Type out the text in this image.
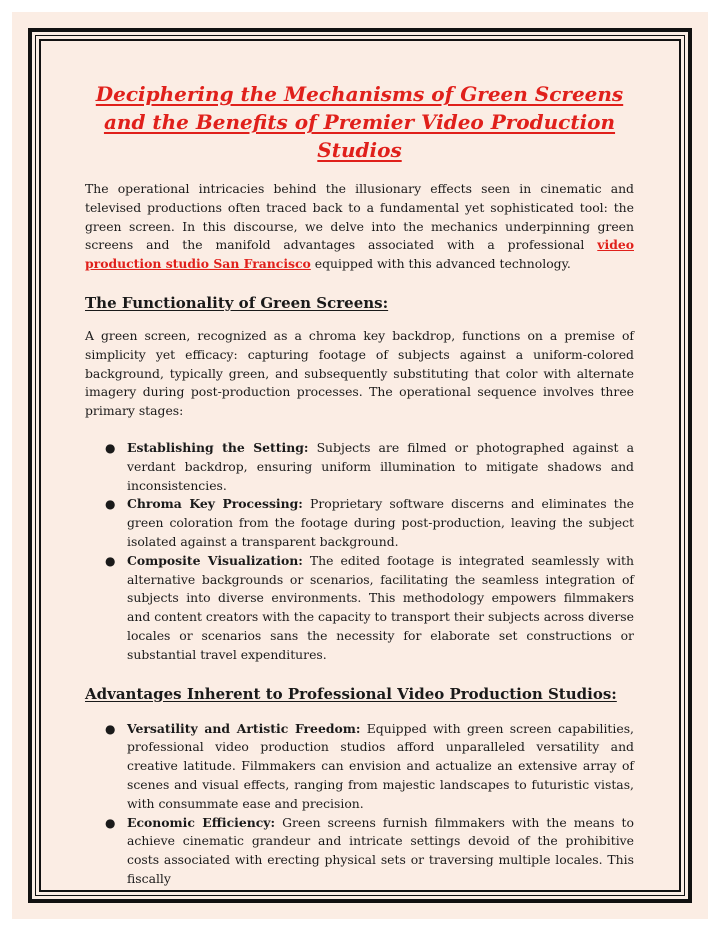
Deciphering the Mechanisms of Green Screens and the Benefits of Premier Video Production Studios

The operational intricacies behind the illusionary effects seen in cinematic and televised productions often traced back to a fundamental yet sophisticated tool: the green screen. In this discourse, we delve into the mechanics underpinning green screens and the manifold advantages associated with a professional video production studio San Francisco equipped with this advanced technology.

The Functionality of Green Screens:

A green screen, recognized as a chroma key backdrop, functions on a premise of simplicity yet efficacy: capturing footage of subjects against a uniform-colored background, typically green, and subsequently substituting that color with alternate imagery during post-production processes. The operational sequence involves three primary stages:

● Establishing the Setting: Subjects are filmed or photographed against a verdant backdrop, ensuring uniform illumination to mitigate shadows and inconsistencies.
● Chroma Key Processing: Proprietary software discerns and eliminates the green coloration from the footage during post-production, leaving the subject isolated against a transparent background.
● Composite Visualization: The edited footage is integrated seamlessly with alternative backgrounds or scenarios, facilitating the seamless integration of subjects into diverse environments. This methodology empowers filmmakers and content creators with the capacity to transport their subjects across diverse locales or scenarios sans the necessity for elaborate set constructions or substantial travel expenditures.
Advantages Inherent to Professional Video Production Studios:
● Versatility and Artistic Freedom: Equipped with green screen capabilities, professional video production studios afford unparalleled versatility and creative latitude. Filmmakers can envision and actualize an extensive array of scenes and visual effects, ranging from majestic landscapes to futuristic vistas, with consummate ease and precision.
● Economic Efficiency: Green screens furnish filmmakers with the means to achieve cinematic grandeur and intricate settings devoid of the prohibitive costs associated with erecting physical sets or traversing multiple locales. This fiscally
